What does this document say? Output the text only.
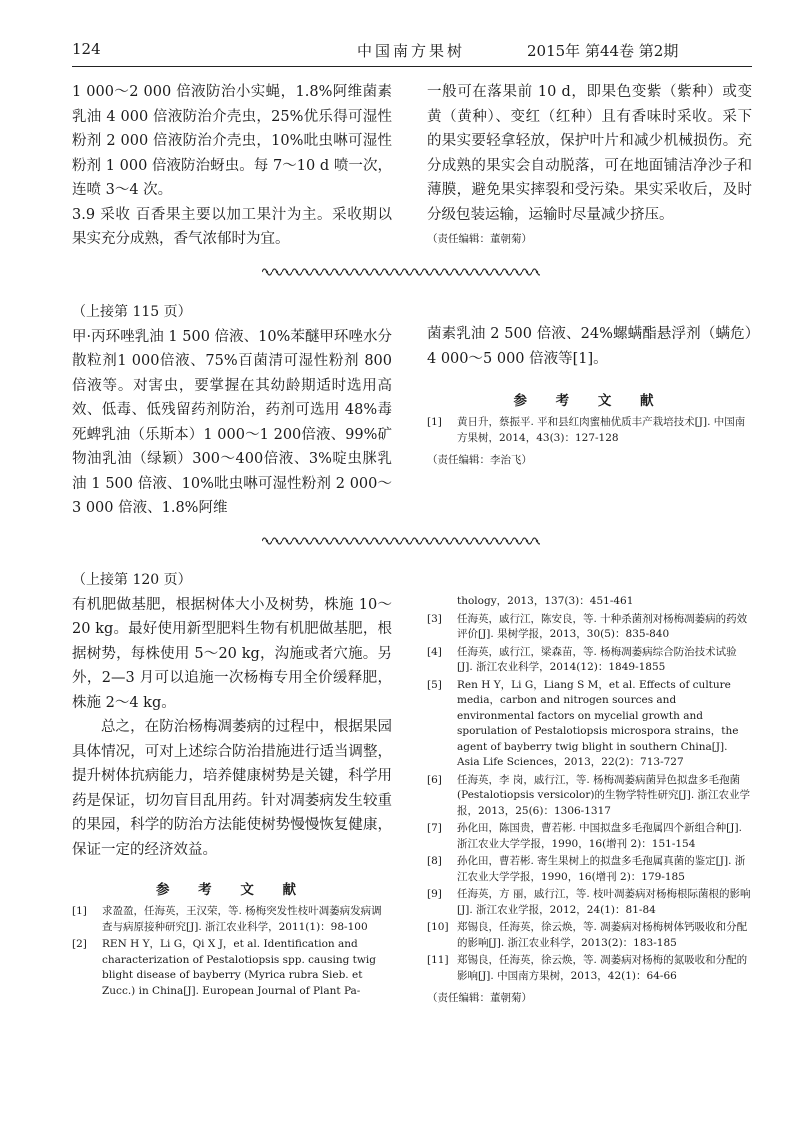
124	中国南方果树	2015年 第44卷 第2期

1 000～2 000 倍液防治小实蝇，1.8%阿维菌素乳油 4 000 倍液防治介壳虫，25%优乐得可湿性粉剂 2 000 倍液防治介壳虫，10%吡虫啉可湿性粉剂 1 000 倍液防治蚜虫。每 7～10 d 喷一次，连喷 3～4 次。

3.9 采收 百香果主要以加工果汁为主。采收期以果实充分成熟，香气浓郁时为宜。

一般可在落果前 10 d，即果色变紫（紫种）或变黄（黄种）、变红（红种）且有香味时采收。采下的果实要轻拿轻放，保护叶片和减少机械损伤。充分成熟的果实会自动脱落，可在地面铺洁净沙子和薄膜，避免果实摔裂和受污染。果实采收后，及时分级包装运输，运输时尽量减少挤压。

（责任编辑：董朝菊）

（上接第 115 页）

甲·丙环唑乳油 1 500 倍液、10%苯醚甲环唑水分散粒剂1 000倍液、75%百菌清可湿性粉剂 800 倍液等。对害虫，要掌握在其幼龄期适时选用高效、低毒、低残留药剂防治，药剂可选用 48%毒死蜱乳油（乐斯本）1 000～1 200倍液、99%矿物油乳油（绿颖）300～400倍液、3%啶虫脒乳油 1 500 倍液、10%吡虫啉可湿性粉剂 2 000～3 000 倍液、1.8%阿维

菌素乳油 2 500 倍液、24%螺螨酯悬浮剂（螨危）4 000～5 000 倍液等[1]。

参 考 文 献
[1] 黄日升，蔡振平. 平和县红肉蜜柚优质丰产栽培技术[J]. 中国南方果树，2014，43(3)：127-128

（责任编辑：李治飞）

（上接第 120 页）

有机肥做基肥，根据树体大小及树势，株施 10～20 kg。最好使用新型肥料生物有机肥做基肥，根据树势，每株使用 5～20 kg，沟施或者穴施。另外，2—3 月可以追施一次杨梅专用全价缓释肥，株施 2～4 kg。

总之，在防治杨梅凋萎病的过程中，根据果园具体情况，可对上述综合防治措施进行适当调整，提升树体抗病能力，培养健康树势是关键，科学用药是保证，切勿盲目乱用药。针对凋萎病发生较重的果园，科学的防治方法能使树势慢慢恢复健康，保证一定的经济效益。

参 考 文 献
[1] 求盈盈，任海英，王汉荣，等. 杨梅突发性枝叶凋萎病发病调查与病原接种研究[J]. 浙江农业科学，2011(1)：98-100
[2] REN H Y，Li G，Qi X J，et al. Identification and characterization of Pestalotiopsis spp. causing twig blight disease of bayberry (Myrica rubra Sieb. et Zucc.) in China[J]. European Journal of Plant Pa-
thology，2013，137(3)：451-461
[3] 任海英，戚行江，陈安良，等. 十种杀菌剂对杨梅凋萎病的药效评价[J]. 果树学报，2013，30(5)：835-840
[4] 任海英，戚行江，梁森苗，等. 杨梅凋萎病综合防治技术试验[J]. 浙江农业科学，2014(12)：1849-1855
[5] Ren H Y，Li G，Liang S M，et al. Effects of culture media，carbon and nitrogen sources and environmental factors on mycelial growth and sporulation of Pestalotiopsis microspora strains，the agent of bayberry twig blight in southern China[J]. Asia Life Sciences，2013，22(2)：713-727
[6] 任海英，李 岗，戚行江，等. 杨梅凋萎病菌异色拟盘多毛孢菌(Pestalotiopsis versicolor)的生物学特性研究[J]. 浙江农业学报，2013，25(6)：1306-1317
[7] 孙化田，陈国贵，曹若彬. 中国拟盘多毛孢属四个新组合种[J]. 浙江农业大学学报，1990，16(增刊 2)：151-154
[8] 孙化田，曹若彬. 寄生果树上的拟盘多毛孢属真菌的鉴定[J]. 浙江农业大学学报，1990，16(增刊 2)：179-185
[9] 任海英，方 丽，戚行江，等. 枝叶凋萎病对杨梅根际菌根的影响[J]. 浙江农业学报，2012，24(1)：81-84
[10] 郑锡良，任海英，徐云焕，等. 凋萎病对杨梅树体钙吸收和分配的影响[J]. 浙江农业科学，2013(2)：183-185
[11] 郑锡良，任海英，徐云焕，等. 凋萎病对杨梅的氮吸收和分配的影响[J]. 中国南方果树，2013，42(1)：64-66

（责任编辑：董朝菊）
